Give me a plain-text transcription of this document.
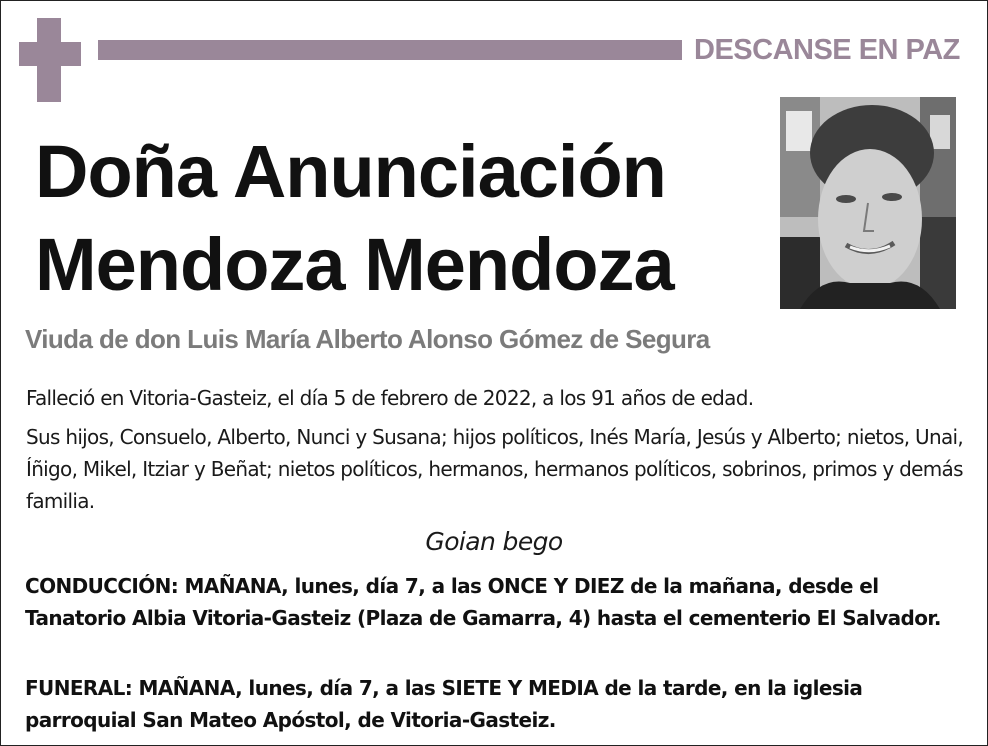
DESCANSE EN PAZ
Doña Anunciación
Mendoza Mendoza
Viuda de don Luis María Alberto Alonso Gómez de Segura
Falleció en Vitoria-Gasteiz, el día 5 de febrero de 2022, a los 91 años de edad.
Sus hijos, Consuelo, Alberto, Nunci y Susana; hijos políticos, Inés María, Jesús y Alberto; nietos, Unai, Íñigo, Mikel, Itziar y Beñat; nietos políticos, hermanos, hermanos políticos, sobrinos, primos y demás familia.
Goian bego
CONDUCCIÓN: MAÑANA, lunes, día 7, a las ONCE Y DIEZ de la mañana, desde el Tanatorio Albia Vitoria-Gasteiz (Plaza de Gamarra, 4) hasta el cementerio El Salvador.
FUNERAL: MAÑANA, lunes, día 7, a las SIETE Y MEDIA de la tarde, en la iglesia parroquial San Mateo Apóstol, de Vitoria-Gasteiz.
